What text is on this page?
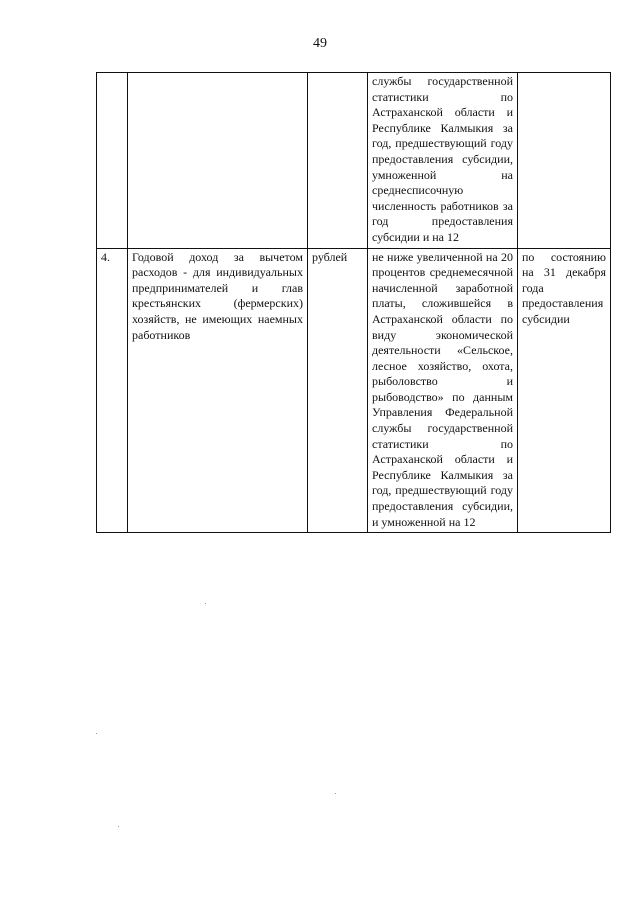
49
			службы государственной статистики по Астраханской области и Республике Калмыкия за год, предшествующий году предоставления субсидии, умноженной на среднесписочную численность работников за год предоставления субсидии и на 12	
4.	Годовой доход за вычетом расходов - для индивидуальных предпринимателей и глав крестьянских (фермерских) хозяйств, не имеющих наемных работников	рублей	не ниже увеличенной на 20 процентов среднемесячной начисленной заработной платы, сложившейся в Астраханской области по виду экономической деятельности «Сельское, лесное хозяйство, охота, рыболовство и рыбоводство» по данным Управления Федеральной службы государственной статистики по Астраханской области и Республике Калмыкия за год, предшествующий году предоставления субсидии, и умноженной на 12	по состоянию на 31 декабря года предоставления субсидии
